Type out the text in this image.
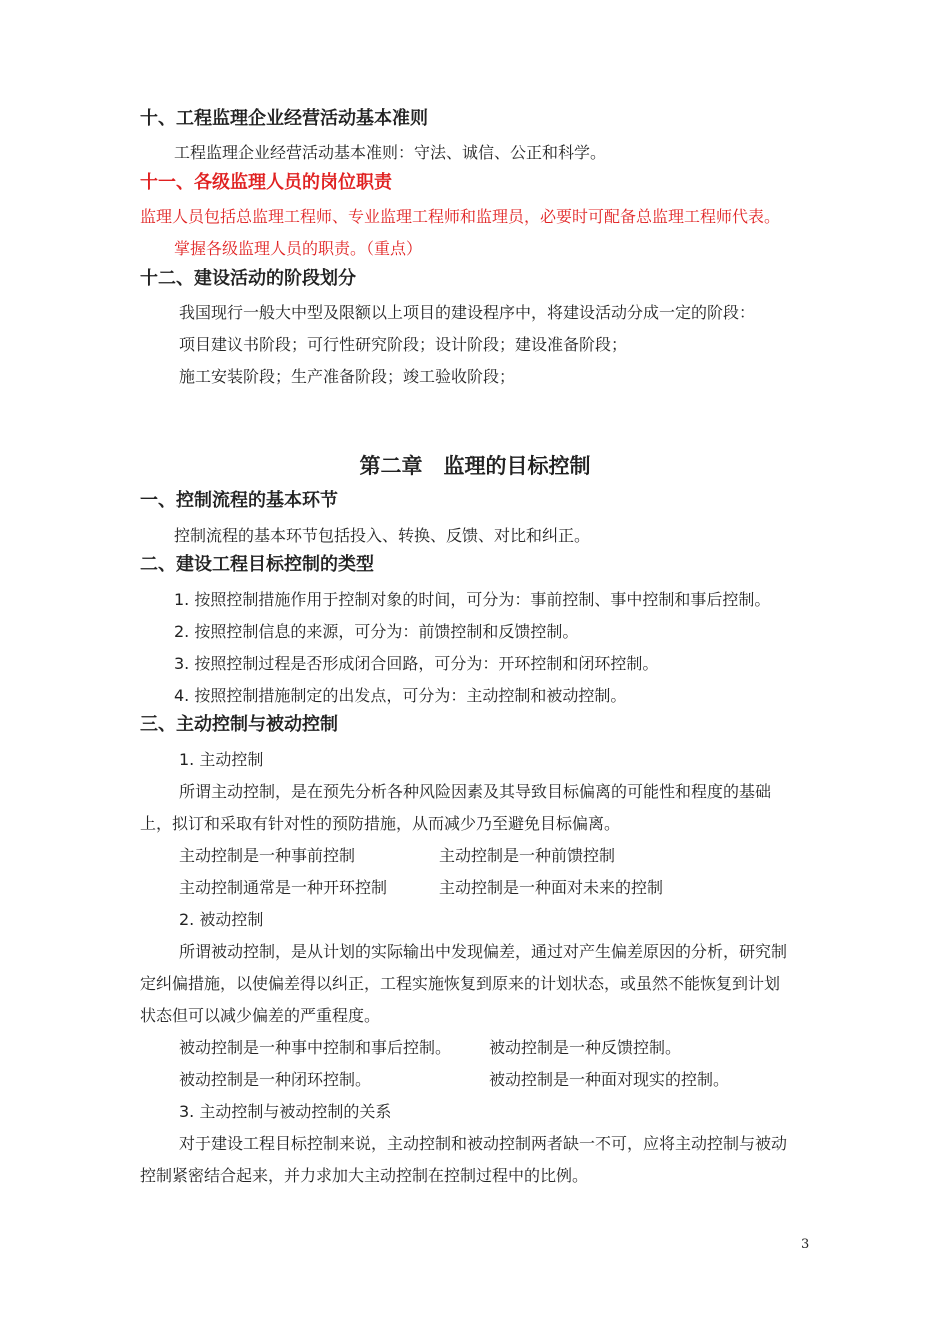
十、工程监理企业经营活动基本准则
工程监理企业经营活动基本准则：守法、诚信、公正和科学。
十一、各级监理人员的岗位职责
监理人员包括总监理工程师、专业监理工程师和监理员，必要时可配备总监理工程师代表。
掌握各级监理人员的职责。（重点）
十二、建设活动的阶段划分
我国现行一般大中型及限额以上项目的建设程序中，将建设活动分成一定的阶段：
项目建议书阶段；可行性研究阶段；设计阶段；建设准备阶段；
施工安装阶段；生产准备阶段；竣工验收阶段；
第二章　监理的目标控制
一、控制流程的基本环节
控制流程的基本环节包括投入、转换、反馈、对比和纠正。
二、建设工程目标控制的类型
1. 按照控制措施作用于控制对象的时间，可分为：事前控制、事中控制和事后控制。
2. 按照控制信息的来源，可分为：前馈控制和反馈控制。
3. 按照控制过程是否形成闭合回路，可分为：开环控制和闭环控制。
4. 按照控制措施制定的出发点，可分为：主动控制和被动控制。
三、主动控制与被动控制
1. 主动控制
所谓主动控制，是在预先分析各种风险因素及其导致目标偏离的可能性和程度的基础
上，拟订和采取有针对性的预防措施，从而减少乃至避免目标偏离。
主动控制是一种事前控制	主动控制是一种前馈控制
主动控制通常是一种开环控制	主动控制是一种面对未来的控制
2. 被动控制
所谓被动控制，是从计划的实际输出中发现偏差，通过对产生偏差原因的分析，研究制
定纠偏措施，以使偏差得以纠正，工程实施恢复到原来的计划状态，或虽然不能恢复到计划
状态但可以减少偏差的严重程度。
被动控制是一种事中控制和事后控制。 被动控制是一种反馈控制。
被动控制是一种闭环控制。	被动控制是一种面对现实的控制。
3. 主动控制与被动控制的关系
对于建设工程目标控制来说，主动控制和被动控制两者缺一不可，应将主动控制与被动
控制紧密结合起来，并力求加大主动控制在控制过程中的比例。
3
